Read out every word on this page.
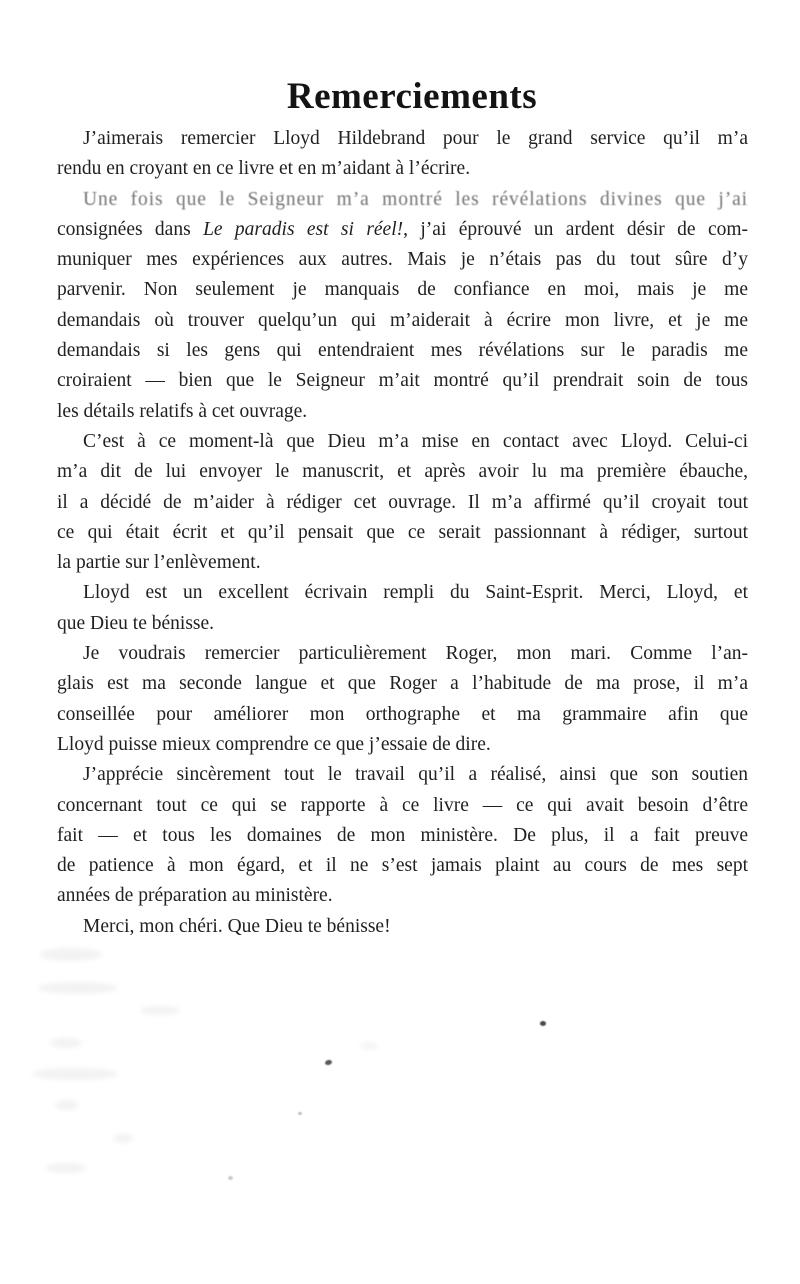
Remerciements
J’aimerais remercier Lloyd Hildebrand pour le grand service qu’il m’a
rendu en croyant en ce livre et en m’aidant à l’écrire.
Une fois que le Seigneur m’a montré les révélations divines que j’ai
consignées dans Le paradis est si réel!, j’ai éprouvé un ardent désir de com-
muniquer mes expériences aux autres. Mais je n’étais pas du tout sûre d’y
parvenir. Non seulement je manquais de confiance en moi, mais je me
demandais où trouver quelqu’un qui m’aiderait à écrire mon livre, et je me
demandais si les gens qui entendraient mes révélations sur le paradis me
croiraient — bien que le Seigneur m’ait montré qu’il prendrait soin de tous
les détails relatifs à cet ouvrage.
C’est à ce moment-là que Dieu m’a mise en contact avec Lloyd. Celui-ci
m’a dit de lui envoyer le manuscrit, et après avoir lu ma première ébauche,
il a décidé de m’aider à rédiger cet ouvrage. Il m’a affirmé qu’il croyait tout
ce qui était écrit et qu’il pensait que ce serait passionnant à rédiger, surtout
la partie sur l’enlèvement.
Lloyd est un excellent écrivain rempli du Saint-Esprit. Merci, Lloyd, et
que Dieu te bénisse.
Je voudrais remercier particulièrement Roger, mon mari. Comme l’an-
glais est ma seconde langue et que Roger a l’habitude de ma prose, il m’a
conseillée pour améliorer mon orthographe et ma grammaire afin que
Lloyd puisse mieux comprendre ce que j’essaie de dire.
J’apprécie sincèrement tout le travail qu’il a réalisé, ainsi que son soutien
concernant tout ce qui se rapporte à ce livre — ce qui avait besoin d’être
fait — et tous les domaines de mon ministère. De plus, il a fait preuve
de patience à mon égard, et il ne s’est jamais plaint au cours de mes sept
années de préparation au ministère.
Merci, mon chéri. Que Dieu te bénisse!
